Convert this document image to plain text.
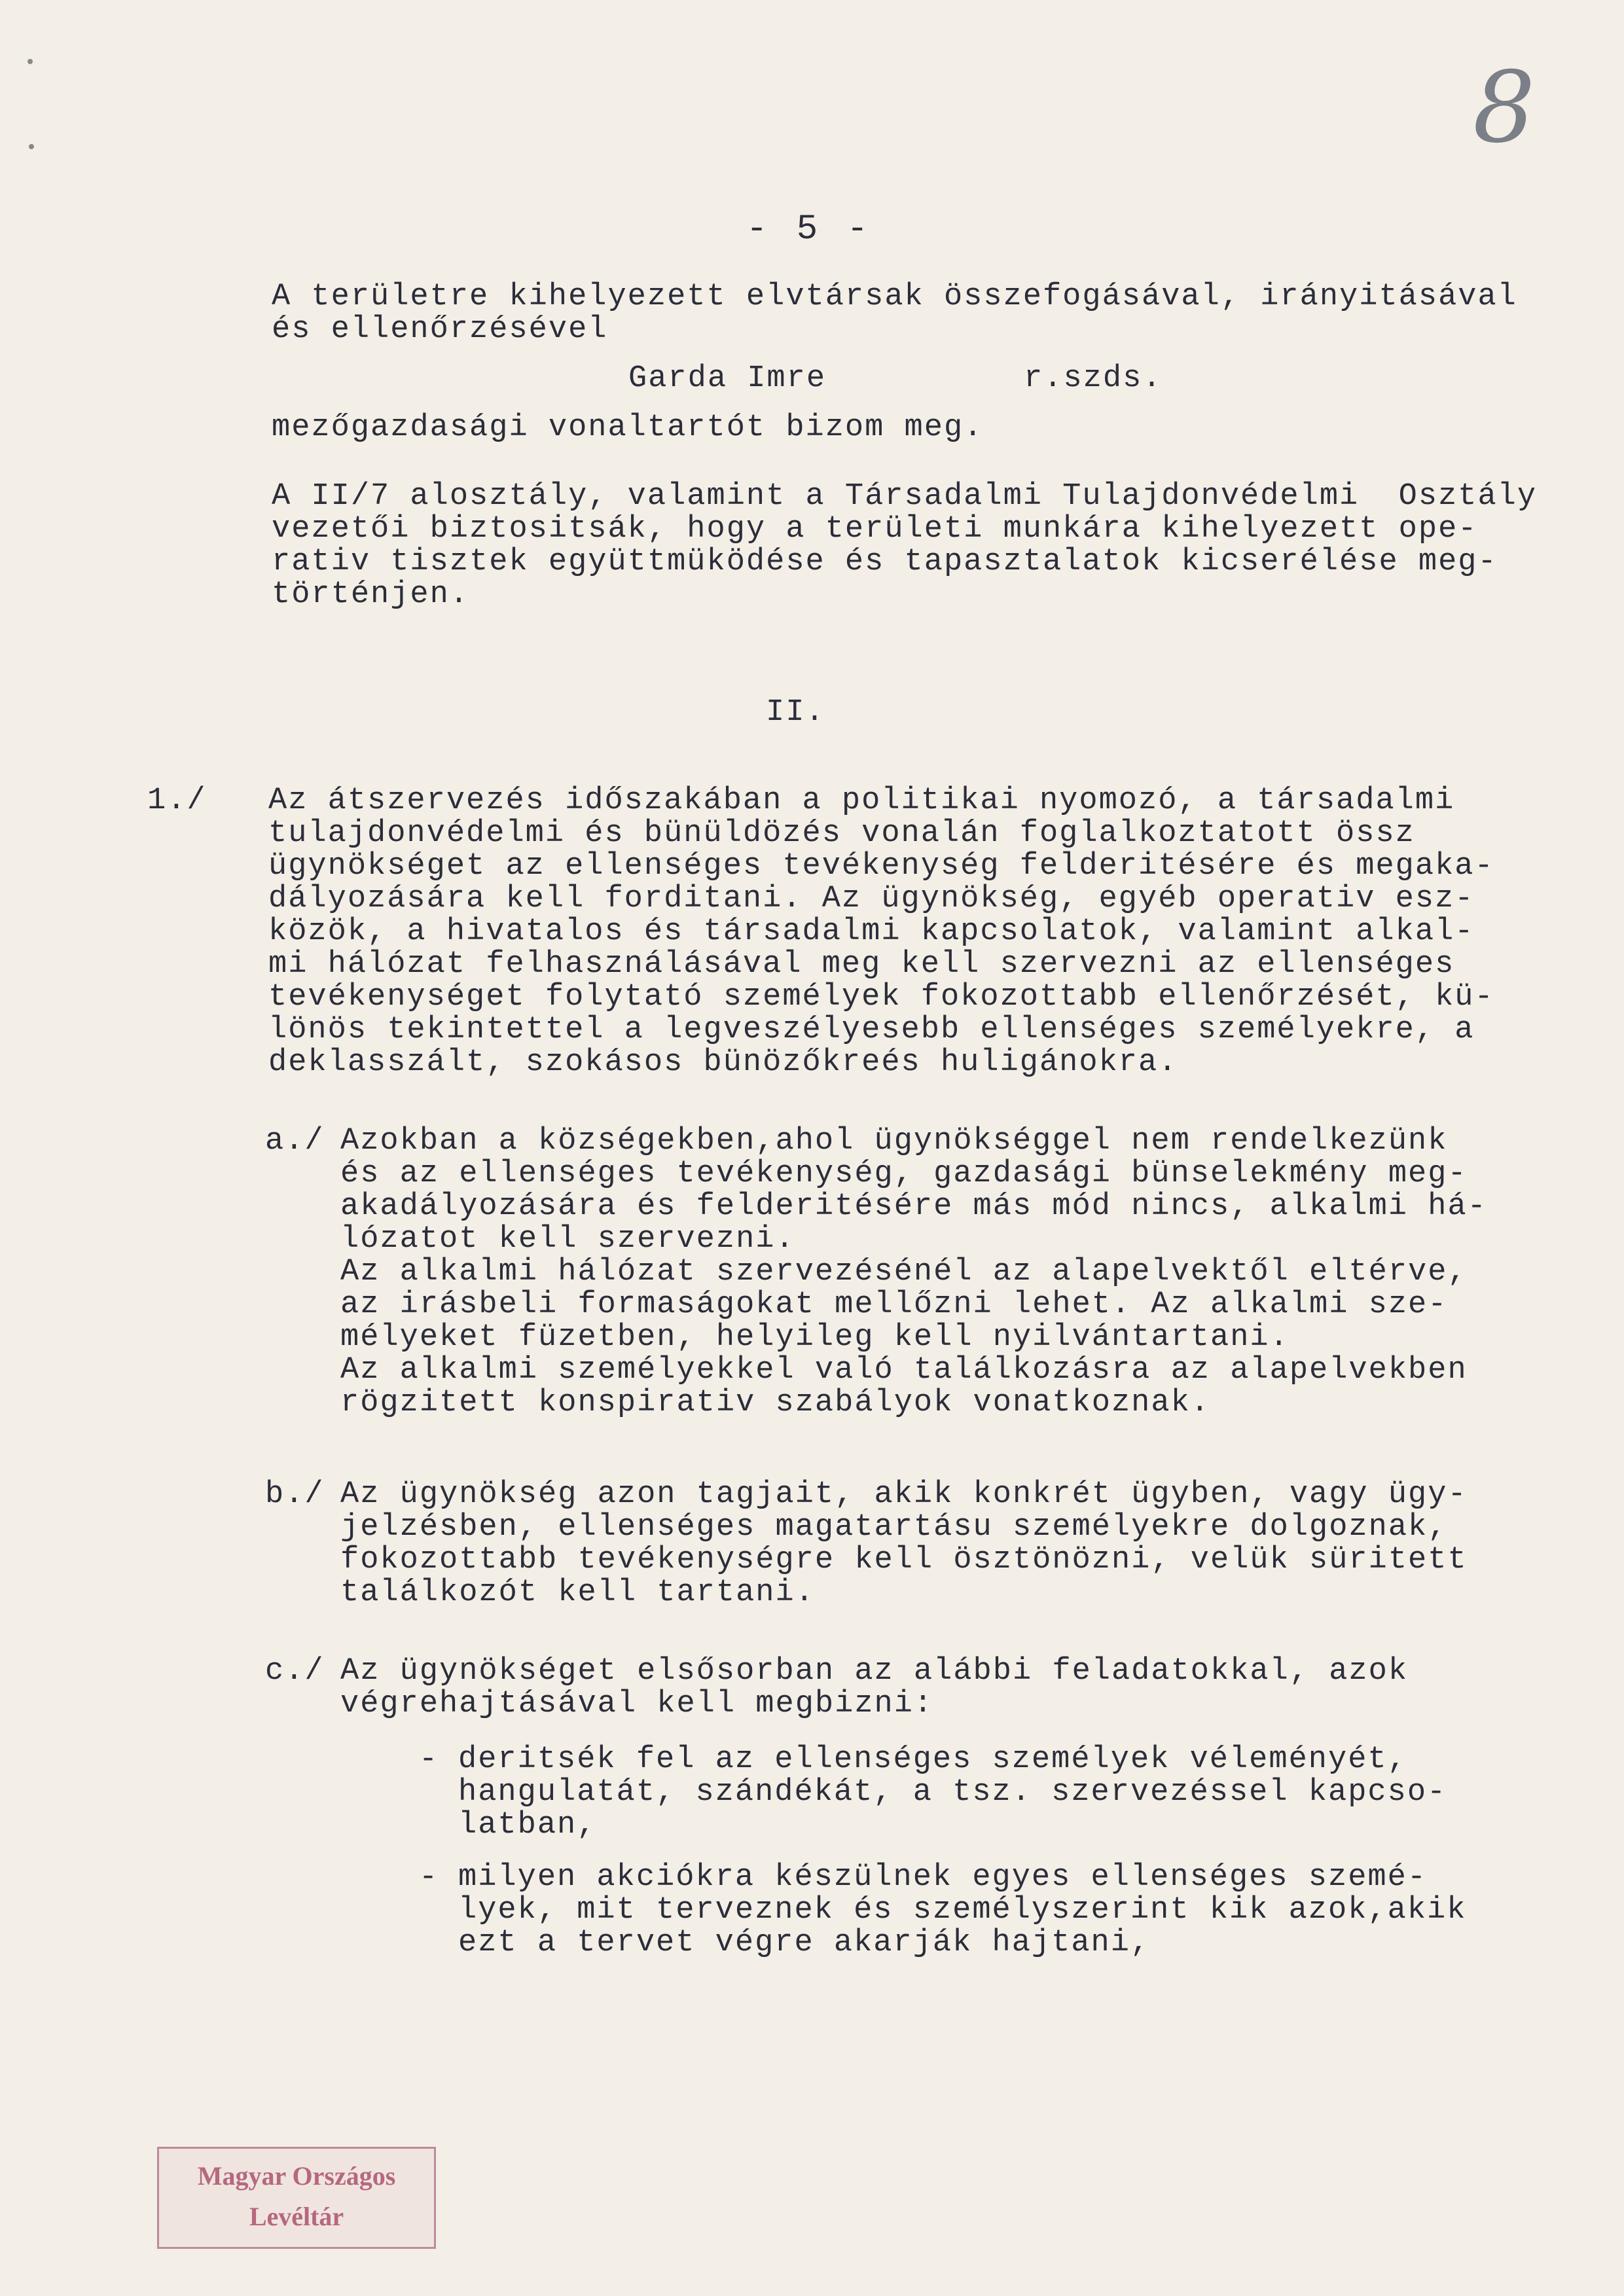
8
- 5 -
A területre kihelyezett elvtársak összefogásával, irányitásával
és ellenőrzésével
Garda Imre          r.szds.
mezőgazdasági vonaltartót bizom meg.
A II/7 alosztály, valamint a Társadalmi Tulajdonvédelmi  Osztály
vezetői biztositsák, hogy a területi munkára kihelyezett ope-
rativ tisztek együttmüködése és tapasztalatok kicserélése meg-
történjen.
II.
1./ Az átszervezés időszakában a politikai nyomozó, a társadalmi
tulajdonvédelmi és bünüldözés vonalán foglalkoztatott össz
ügynökséget az ellenséges tevékenység felderitésére és megaka-
dályozására kell forditani. Az ügynökség, egyéb operativ esz-
közök, a hivatalos és társadalmi kapcsolatok, valamint alkal-
mi hálózat felhasználásával meg kell szervezni az ellenséges
tevékenységet folytató személyek fokozottabb ellenőrzését, kü-
lönös tekintettel a legveszélyesebb ellenséges személyekre, a
deklasszált, szokásos bünözőkreés huligánokra.
a./ Azokban a községekben,ahol ügynökséggel nem rendelkezünk
és az ellenséges tevékenység, gazdasági bünselekmény meg-
akadályozására és felderitésére más mód nincs, alkalmi há-
lózatot kell szervezni.
Az alkalmi hálózat szervezésénél az alapelvektől eltérve,
az irásbeli formaságokat mellőzni lehet. Az alkalmi sze-
mélyeket füzetben, helyileg kell nyilvántartani.
Az alkalmi személyekkel való találkozásra az alapelvekben
rögzitett konspirativ szabályok vonatkoznak.
b./ Az ügynökség azon tagjait, akik konkrét ügyben, vagy ügy-
jelzésben, ellenséges magatartásu személyekre dolgoznak,
fokozottabb tevékenységre kell ösztönözni, velük süritett
találkozót kell tartani.
c./ Az ügynökséget elsősorban az alábbi feladatokkal, azok
végrehajtásával kell megbizni:
- deritsék fel az ellenséges személyek véleményét,
hangulatát, szándékát, a tsz. szervezéssel kapcso-
latban,
- milyen akciókra készülnek egyes ellenséges szemé-
lyek, mit terveznek és személyszerint kik azok,akik
ezt a tervet végre akarják hajtani,
Magyar Országos
Levéltár
